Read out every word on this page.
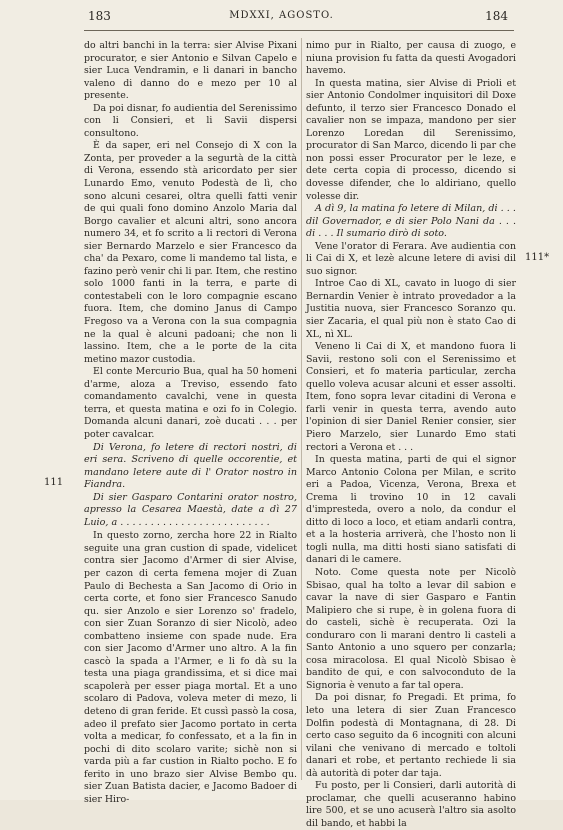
183	MDXXI, AGOSTO.	184

do altri banchi in la terra: sier Alvise Pixani procurator, e sier Antonio e Silvan Capelo e sier Luca Vendramin, e li danari in bancho valeno di danno do e mezo per 10 al presente.

Da poi disnar, fo audientia del Serenissimo con li Consieri, et li Savii dispersi consultono.

È da saper, eri nel Consejo di X con la Zonta, per proveder a la segurtà de la città di Verona, essendo stà aricordato per sier Lunardo Emo, venuto Podestà de lì, cho sono alcuni cesarei, oltra quelli fatti venir de qui quali fono domino Anzolo Maria dal Borgo cavalier et alcuni altri, sono ancora numero 34, et fo scrito a li rectori di Verona sier Bernardo Marzelo e sier Francesco da cha' da Pexaro, come li mandemo tal lista, e fazino però venir chi li par. Item, che restino solo 1000 fanti in la terra, e parte di contestabeli con le loro compagnie escano fuora. Item, che domino Janus di Campo Fregoso va a Verona con la sua compagnia ne la qual è alcuni padoani; che non li lassino. Item, che a le porte de la cita metino mazor custodia.

El conte Mercurio Bua, qual ha 50 homeni d'arme, aloza a Treviso, essendo fato comandamento cavalchi, vene in questa terra, et questa matina e ozi fo in Colegio. Domanda alcuni danari, zoè ducati . . . per poter cavalcar.

Di Verona, fo letere di rectori nostri, di eri sera. Scriveno di quelle occorentie, et mandano letere aute di l' Orator nostro in Fiandra.

Di sier Gasparo Contarini orator nostro, apresso la Cesarea Maestà, date a dì 27 Luio, a . . . . . . . . . . . . . . . . . . . . . . . . .

In questo zorno, zercha hore 22 in Rialto seguite una gran custion di spade, videlicet contra sier Jacomo d'Armer di sier Alvise, per cazon di certa femena mojer di Zuan Paulo di Bechesta a San Jacomo di Orio in certa corte, et fono sier Francesco Sanudo qu. sier Anzolo e sier Lorenzo so' fradelo, con sier Zuan Soranzo di sier Nicolò, adeo combatteno insieme con spade nude. Era con sier Jacomo d'Armer uno altro. A la fin cascò la spada a l'Armer, e li fo dà su la testa una piaga grandissima, et si dice mai scapolerà per esser piaga mortal. Et a uno scolaro di Padova, voleva meter di mezo, li deteno di gran feride. Et cussì passò la cosa, adeo il prefato sier Jacomo portato in certa volta a medicar, fo confessato, et a la fin in pochi di dito scolaro varite; sichè non si varda più a far custion in Rialto pocho. E fo ferito in uno brazo sier Alvise Bembo qu. sier Zuan Batista dacier, e Jacomo Badoer di sier Hiro-

nimo pur in Rialto, per causa di zuogo, e niuna provision fu fatta da questi Avogadori havemo.

In questa matina, sier Alvise di Prioli et sier Antonio Condolmer inquisitori dil Doxe defunto, il terzo sier Francesco Donado el cavalier non se impaza, mandono per sier Lorenzo Loredan dil Serenissimo, procurator di San Marco, dicendo li par che non possi esser Procurator per le leze, e dete certa copia di processo, dicendo si dovesse difender, che lo aldiriano, quello volesse dir.

A dì 9, la matina fo letere di Milan, di . . . dil Governador, e di sier Polo Nani da . . . di . . . Il sumario dirò di soto.

Vene l'orator di Ferara. Ave audientia con li Cai di X, et lezè alcune letere di avisi dil suo signor.

Introe Cao di XL, cavato in luogo di sier Bernardin Venier è intrato provedador a la Justitia nuova, sier Francesco Soranzo qu. sier Zacaria, el qual più non è stato Cao di XL, nì XL.

Veneno li Cai di X, et mandono fuora li Savii, restono soli con el Serenissimo et Consieri, et fo materia particular, zercha quello voleva acusar alcuni et esser assolti. Item, fono sopra levar citadini di Verona e farli venir in questa terra, avendo auto l'opinion di sier Daniel Renier consier, sier Piero Marzelo, sier Lunardo Emo stati rectori a Verona et . . .

In questa matina, parti de qui el signor Marco Antonio Colona per Milan, e scrito eri a Padoa, Vicenza, Verona, Brexa et Crema li trovino 10 in 12 cavali d'impresteda, overo a nolo, da condur el ditto di loco a loco, et etiam andarli contra, et a la hosteria arriverà, che l'hosto non li togli nulla, ma ditti hosti siano satisfati di danari di le camere.

Noto. Come questa note per Nicolò Sbisao, qual ha tolto a levar dil sabion e cavar la nave di sier Gasparo e Fantin Malipiero che si rupe, è in golena fuora di do casteli, sichè è recuperata. Ozi la conduraro con li marani dentro li casteli a Santo Antonio a uno squero per conzarla; cosa miracolosa. El qual Nicolò Sbisao è bandito de qui, e con salvoconduto de la Signoria è venuto a far tal opera.

Da poi disnar, fo Pregadi. Et prima, fo leto una letera di sier Zuan Francesco Dolfin podestà di Montagnana, di 28. Di certo caso seguito da 6 incogniti con alcuni vilani che venivano di mercado e toltoli danari et robe, et pertanto rechiede li sia dà autorità di poter dar taja.

Fu posto, per li Consieri, darli autorità di proclamar, che quelli acuseranno habino lire 500, et se uno acuserà l'altro sia asolto dil bando, et habbi la

111
111*
